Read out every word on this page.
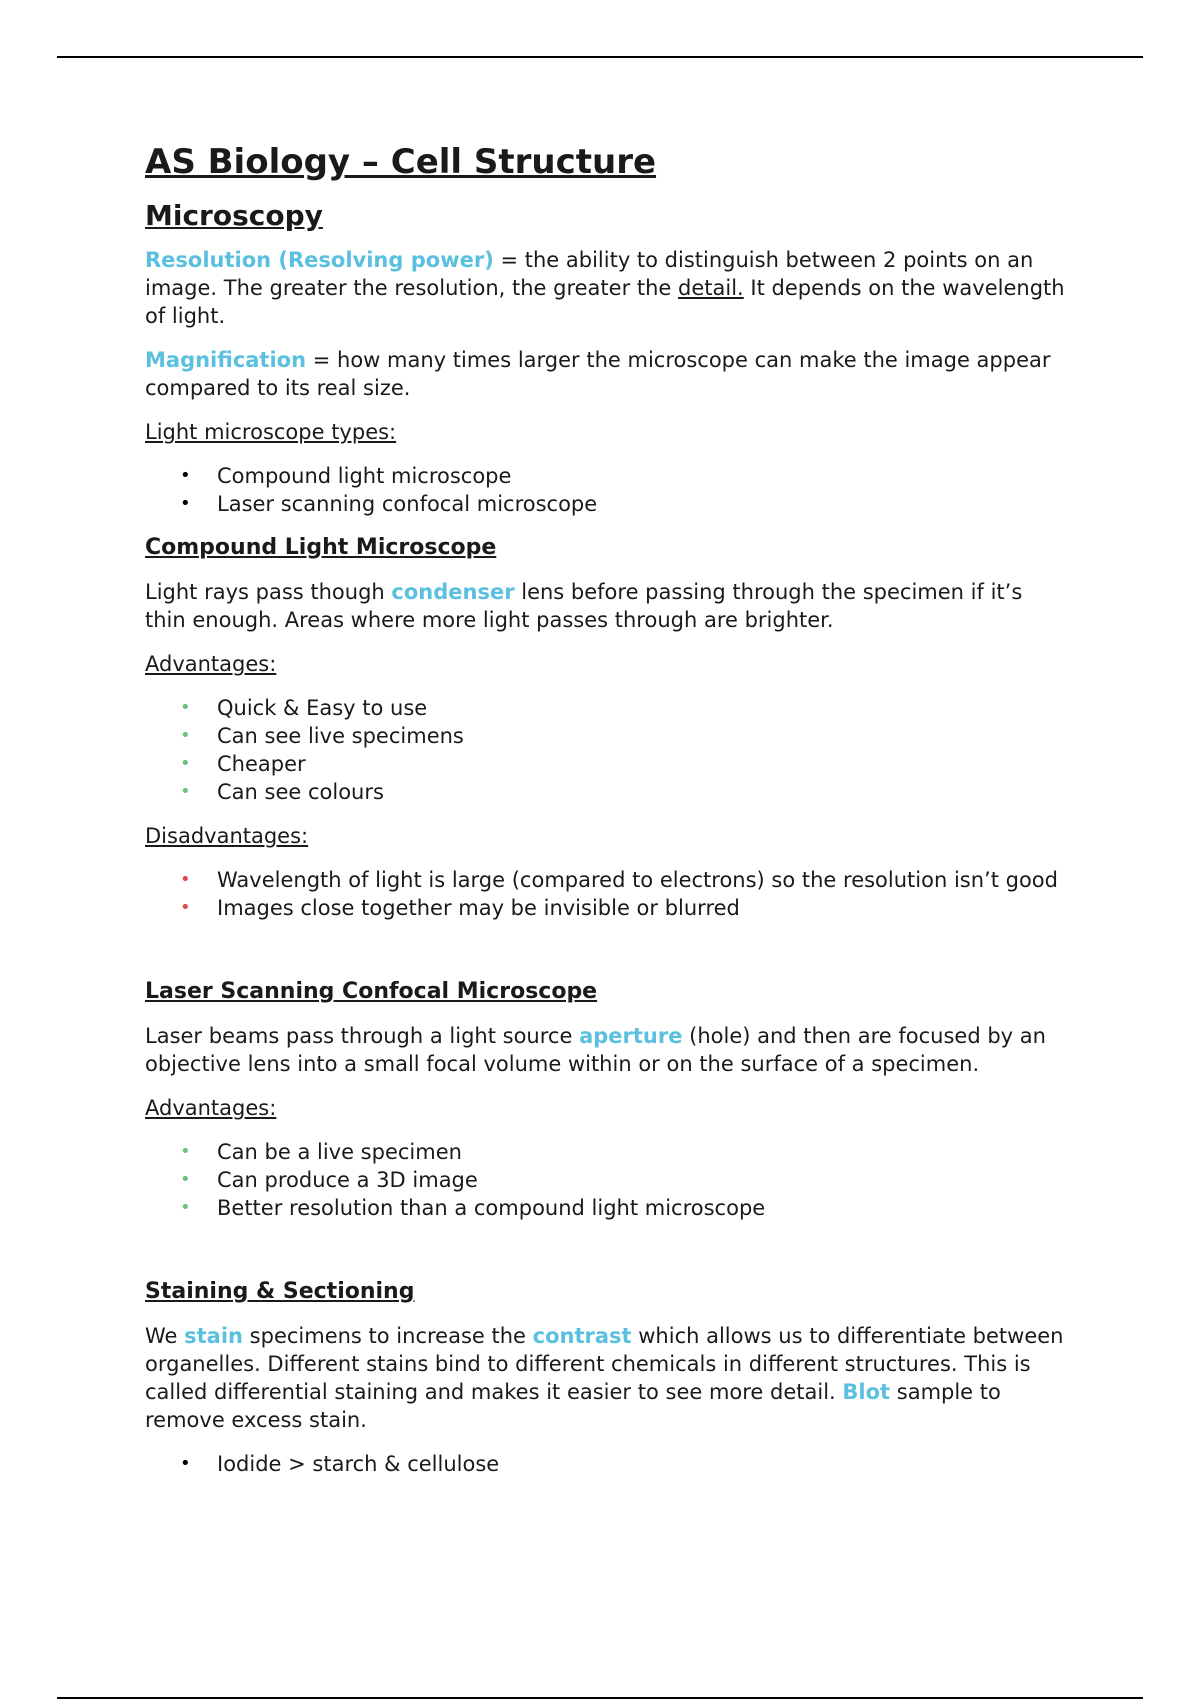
AS Biology – Cell Structure
Microscopy

Resolution (Resolving power) = the ability to distinguish between 2 points on an image. The greater the resolution, the greater the detail. It depends on the wavelength of light.

Magnification = how many times larger the microscope can make the image appear compared to its real size.

Light microscope types:
• Compound light microscope
• Laser scanning confocal microscope
Compound Light Microscope

Light rays pass though condenser lens before passing through the specimen if it’s thin enough. Areas where more light passes through are brighter.

Advantages:
• Quick & Easy to use
• Can see live specimens
• Cheaper
• Can see colours
Disadvantages:
• Wavelength of light is large (compared to electrons) so the resolution isn’t good
• Images close together may be invisible or blurred
Laser Scanning Confocal Microscope

Laser beams pass through a light source aperture (hole) and then are focused by an objective lens into a small focal volume within or on the surface of a specimen.

Advantages:
• Can be a live specimen
• Can produce a 3D image
• Better resolution than a compound light microscope
Staining & Sectioning

We stain specimens to increase the contrast which allows us to differentiate between organelles. Different stains bind to different chemicals in different structures. This is called differential staining and makes it easier to see more detail. Blot sample to remove excess stain.

• Iodide > starch & cellulose
